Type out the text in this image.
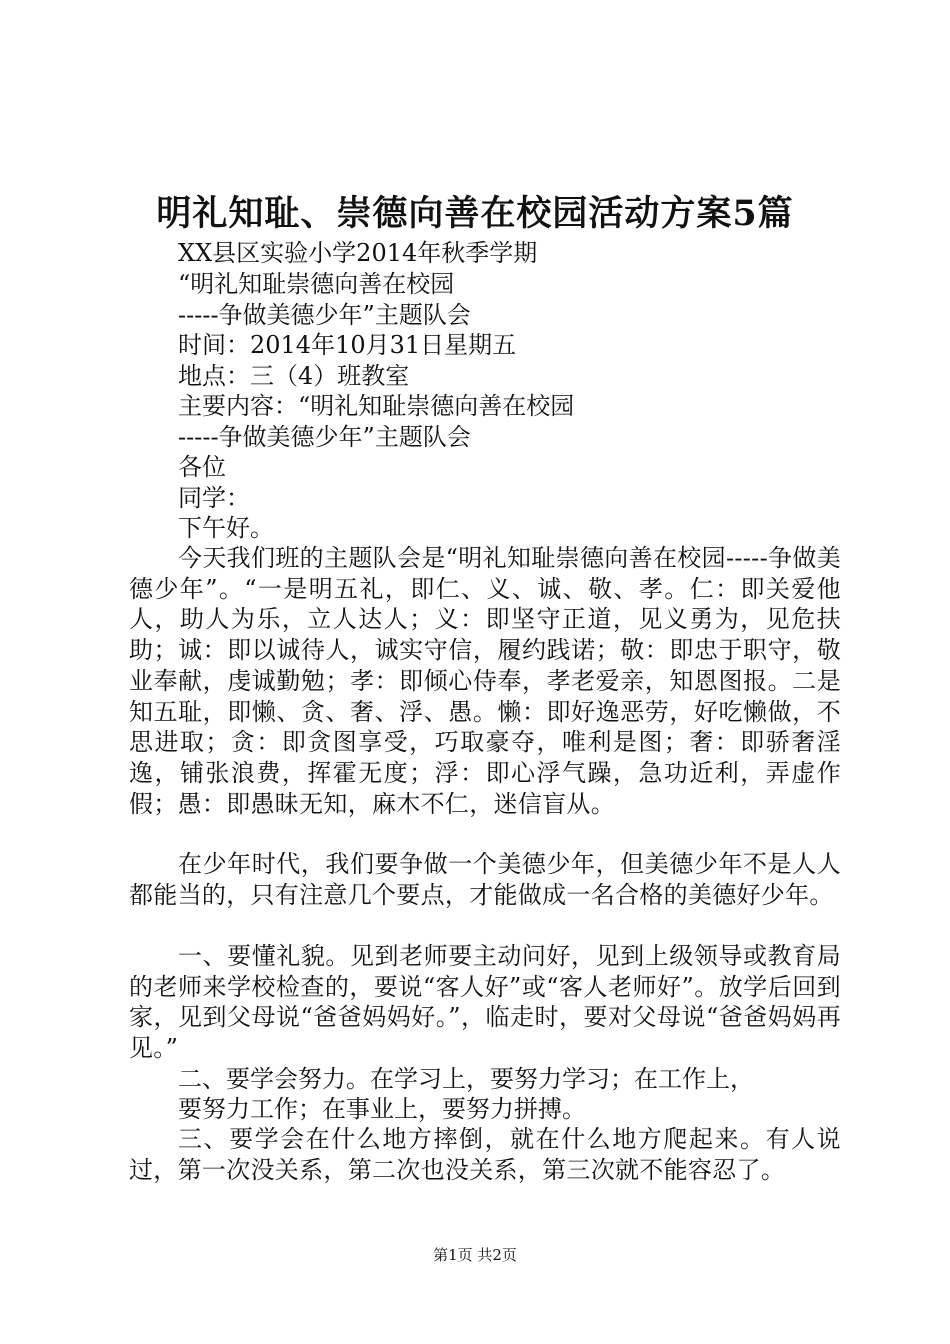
明礼知耻、崇德向善在校园活动方案5篇
XX县区实验小学2014年秋季学期
“明礼知耻崇德向善在校园
-----争做美德少年”主题队会
时间：2014年10月31日星期五
地点：三（4）班教室
主要内容：“明礼知耻崇德向善在校园
-----争做美德少年”主题队会
各位
同学：
下午好。
今天我们班的主题队会是“明礼知耻崇德向善在校园-----争做美德少年”。“一是明五礼，即仁、义、诚、敬、孝。仁：即关爱他人，助人为乐，立人达人；义：即坚守正道，见义勇为，见危扶助；诚：即以诚待人，诚实守信，履约践诺；敬：即忠于职守，敬业奉献，虔诚勤勉；孝：即倾心侍奉，孝老爱亲，知恩图报。二是知五耻，即懒、贪、奢、浮、愚。懒：即好逸恶劳，好吃懒做，不思进取；贪：即贪图享受，巧取豪夺，唯利是图；奢：即骄奢淫逸，铺张浪费，挥霍无度；浮：即心浮气躁，急功近利，弄虚作假；愚：即愚昧无知，麻木不仁，迷信盲从。
在少年时代，我们要争做一个美德少年，但美德少年不是人人都能当的，只有注意几个要点，才能做成一名合格的美德好少年。
一、要懂礼貌。见到老师要主动问好，见到上级领导或教育局的老师来学校检查的，要说“客人好”或“客人老师好”。放学后回到家，见到父母说“爸爸妈妈好。”，临走时，要对父母说“爸爸妈妈再见。”
二、要学会努力。在学习上，要努力学习；在工作上，
要努力工作；在事业上，要努力拼搏。
三、要学会在什么地方摔倒，就在什么地方爬起来。有人说过，第一次没关系，第二次也没关系，第三次就不能容忍了。
第1页 共2页
